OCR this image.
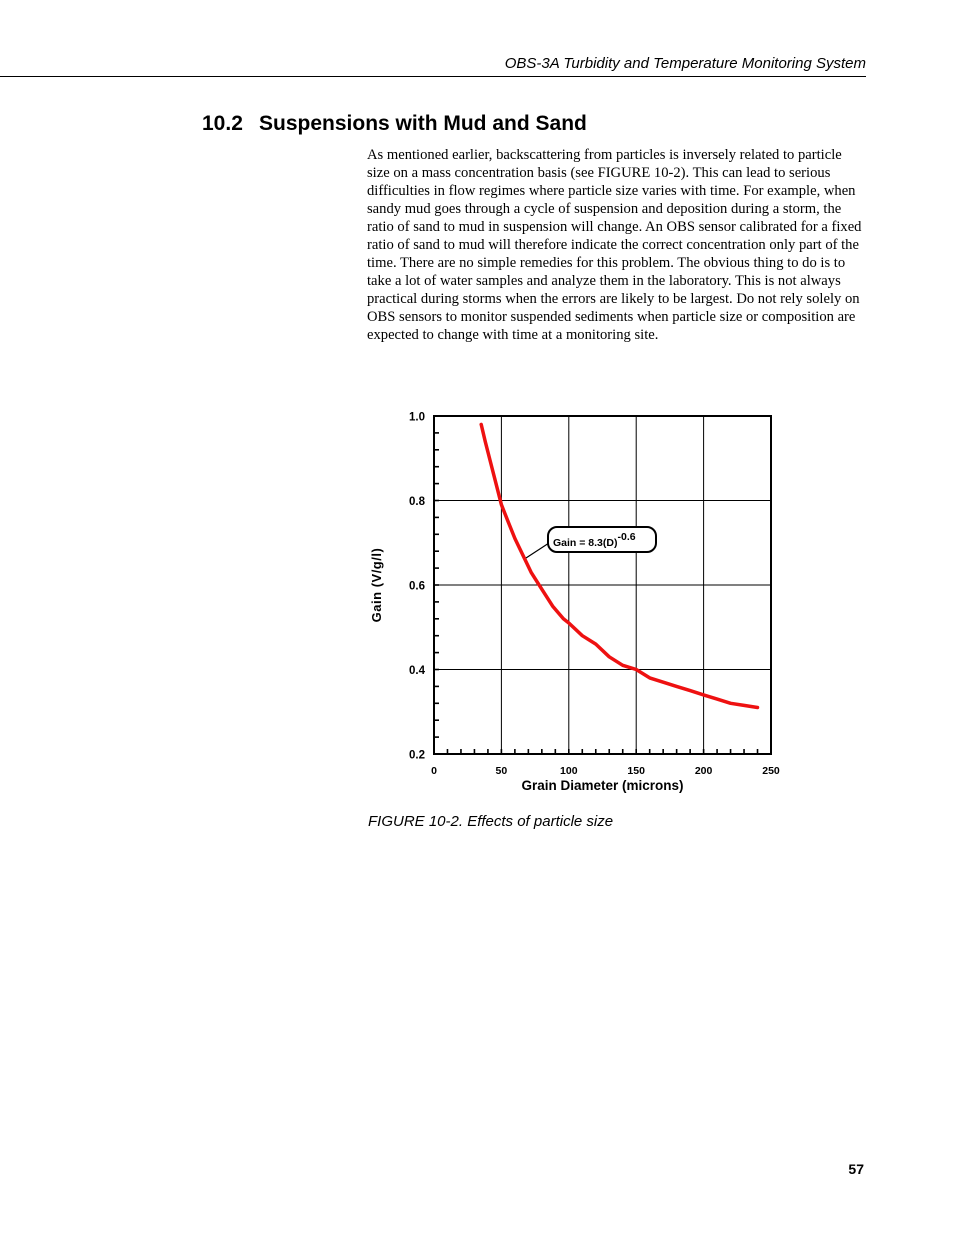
OBS-3A Turbidity and Temperature Monitoring System
10.2 Suspensions with Mud and Sand

As mentioned earlier, backscattering from particles is inversely related to particle size on a mass concentration basis (see FIGURE 10-2). This can lead to serious difficulties in flow regimes where particle size varies with time. For example, when sandy mud goes through a cycle of suspension and deposition during a storm, the ratio of sand to mud in suspension will change. An OBS sensor calibrated for a fixed ratio of sand to mud will therefore indicate the correct concentration only part of the time. There are no simple remedies for this problem. The obvious thing to do is to take a lot of water samples and analyze them in the laboratory. This is not always practical during storms when the errors are likely to be largest. Do not rely solely on OBS sensors to monitor suspended sediments when particle size or composition are expected to change with time at a monitoring site.

0	50	100	150	200	250
0.2
0.4
0.6
0.8
1.0
Grain Diameter (microns)
Gain (V/g/l)
Gain = 8.3(D)-0.6
FIGURE 10-2. Effects of particle size
57
